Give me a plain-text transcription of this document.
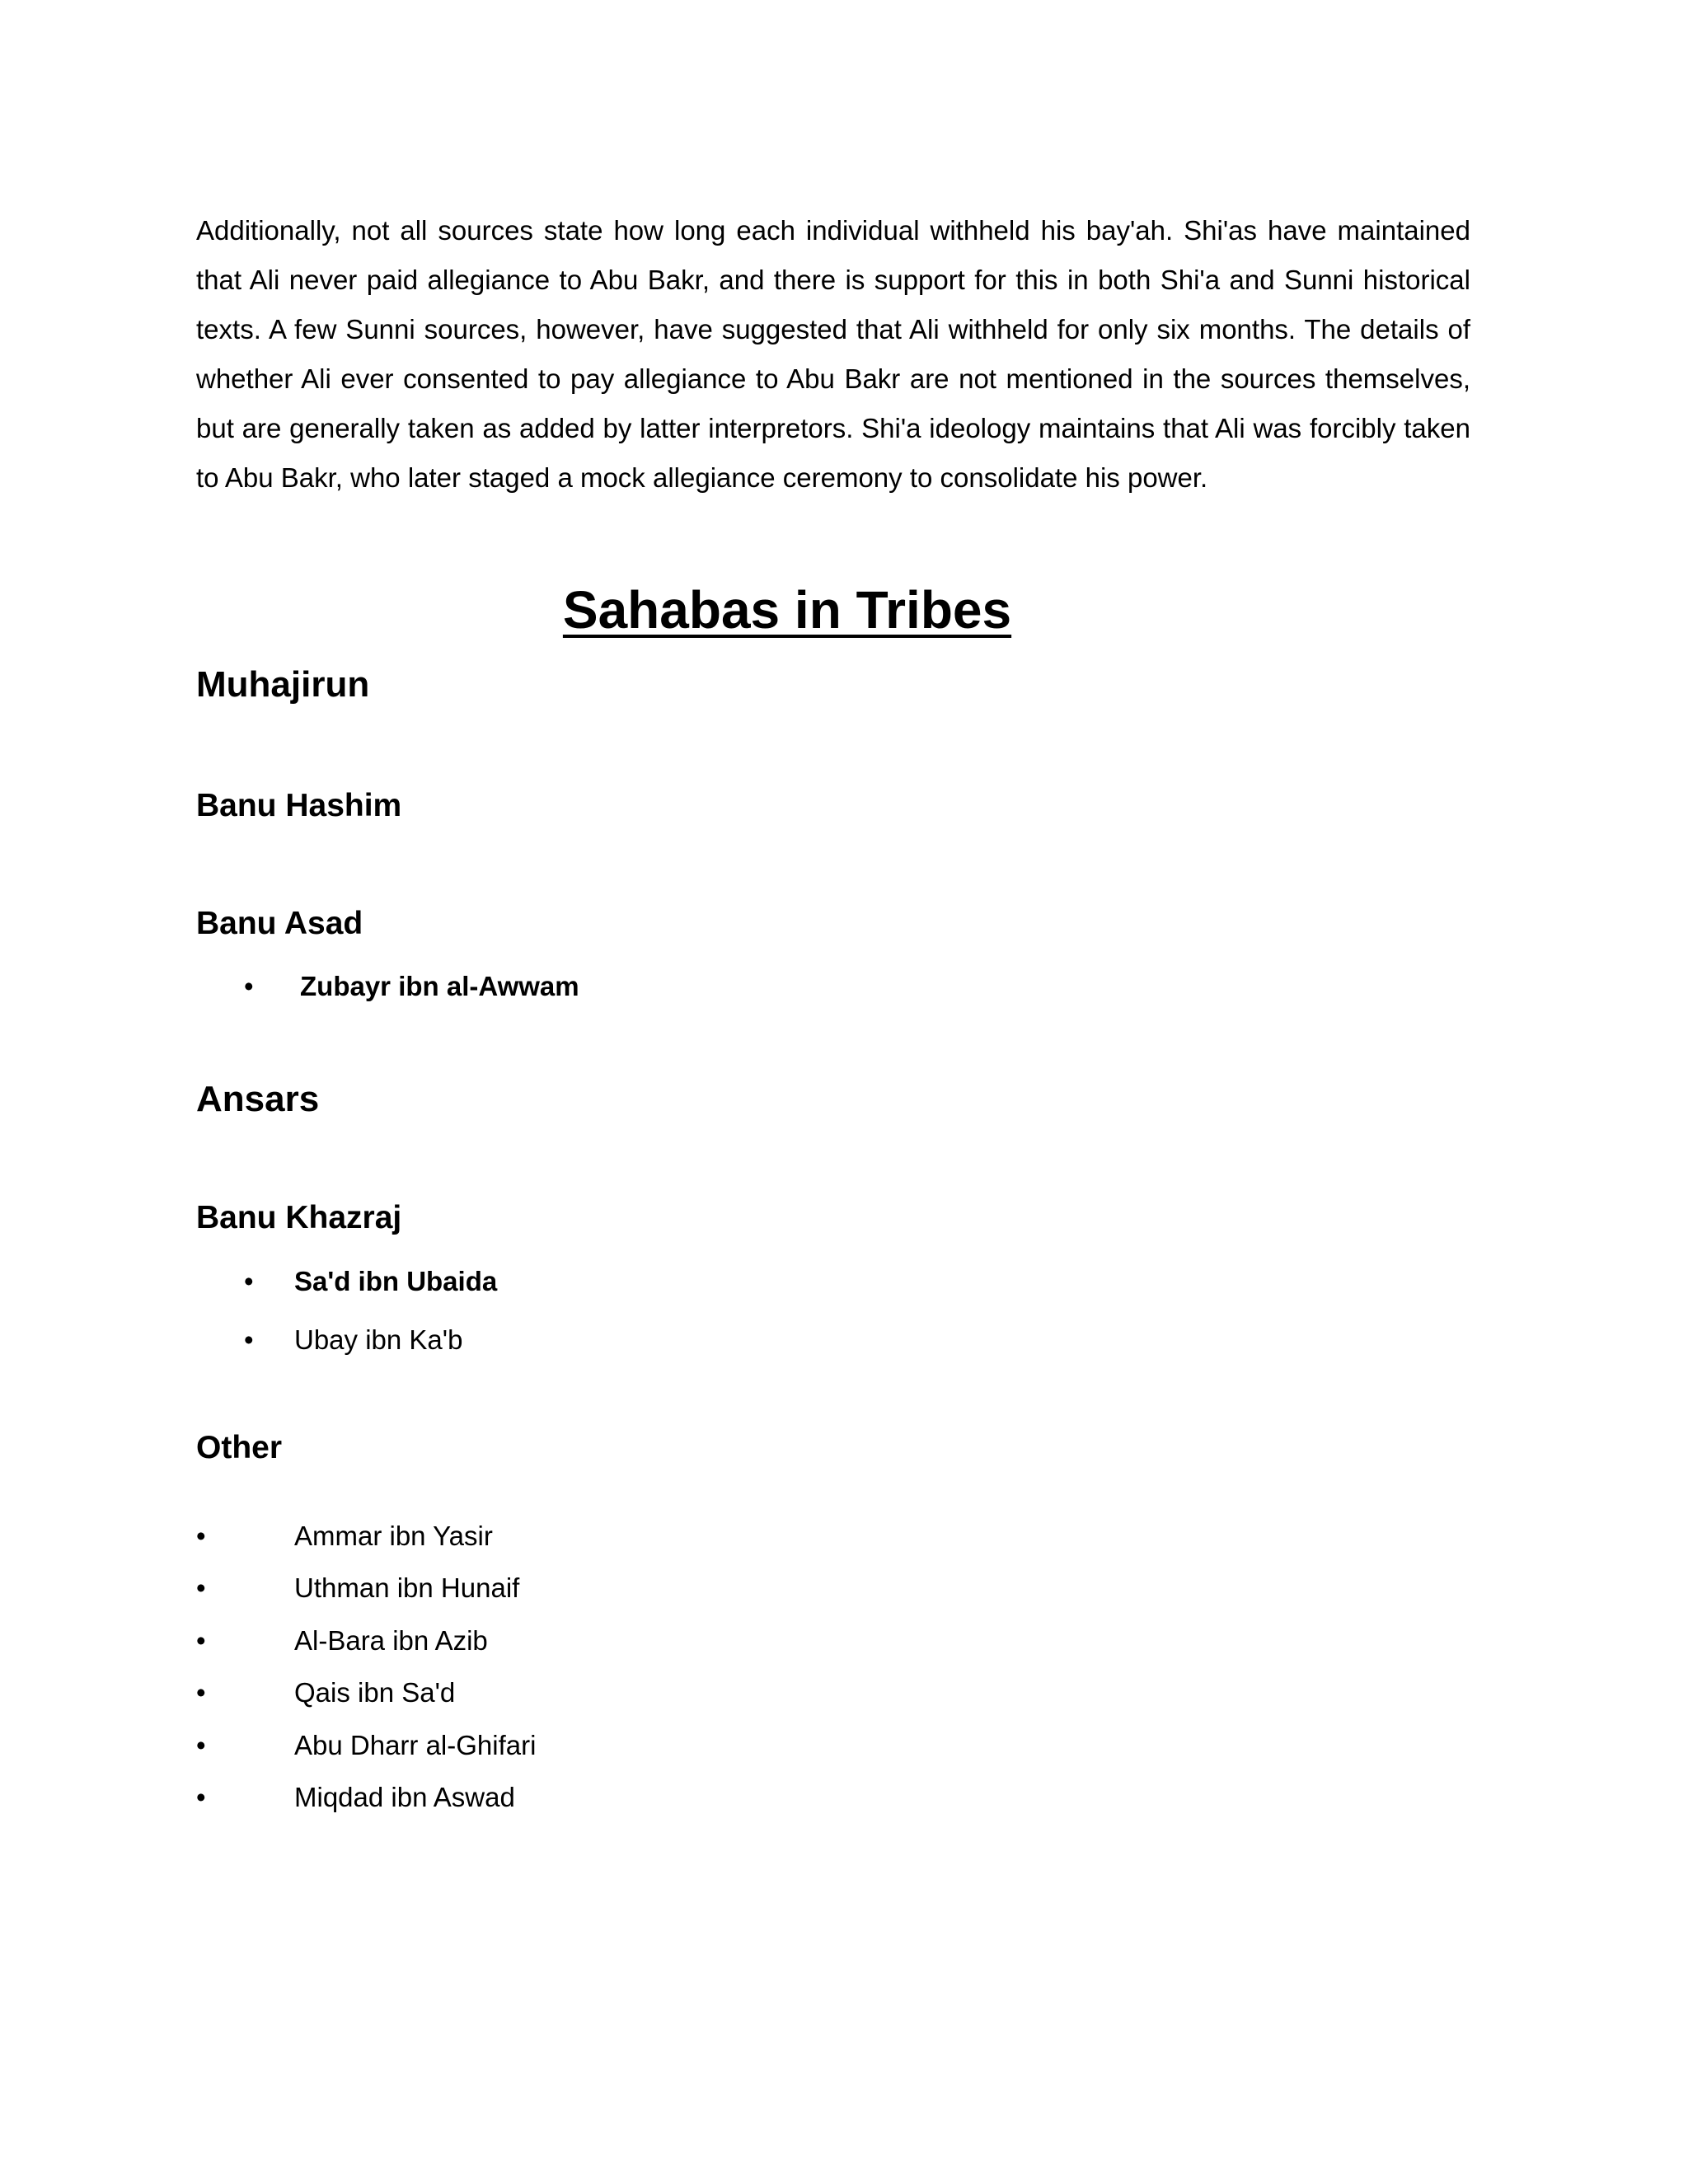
Additionally, not all sources state how long each individual withheld his bay'ah. Shi'as have maintained that Ali never paid allegiance to Abu Bakr, and there is support for this in both Shi'a and Sunni historical texts. A few Sunni sources, however, have suggested that Ali withheld for only six months. The details of whether Ali ever consented to pay allegiance to Abu Bakr are not mentioned in the sources themselves, but are generally taken as added by latter interpretors. Shi'a ideology maintains that Ali was forcibly taken to Abu Bakr, who later staged a mock allegiance ceremony to consolidate his power.

Sahabas in Tribes
Muhajirun
Banu Hashim
Banu Asad
• Zubayr ibn al-Awwam
Ansars
Banu Khazraj
• Sa'd ibn Ubaida
• Ubay ibn Ka'b
Other
•	Ammar ibn Yasir
•	Uthman ibn Hunaif
•	Al-Bara ibn Azib
•	Qais ibn Sa'd
•	Abu Dharr al-Ghifari
•	Miqdad ibn Aswad
